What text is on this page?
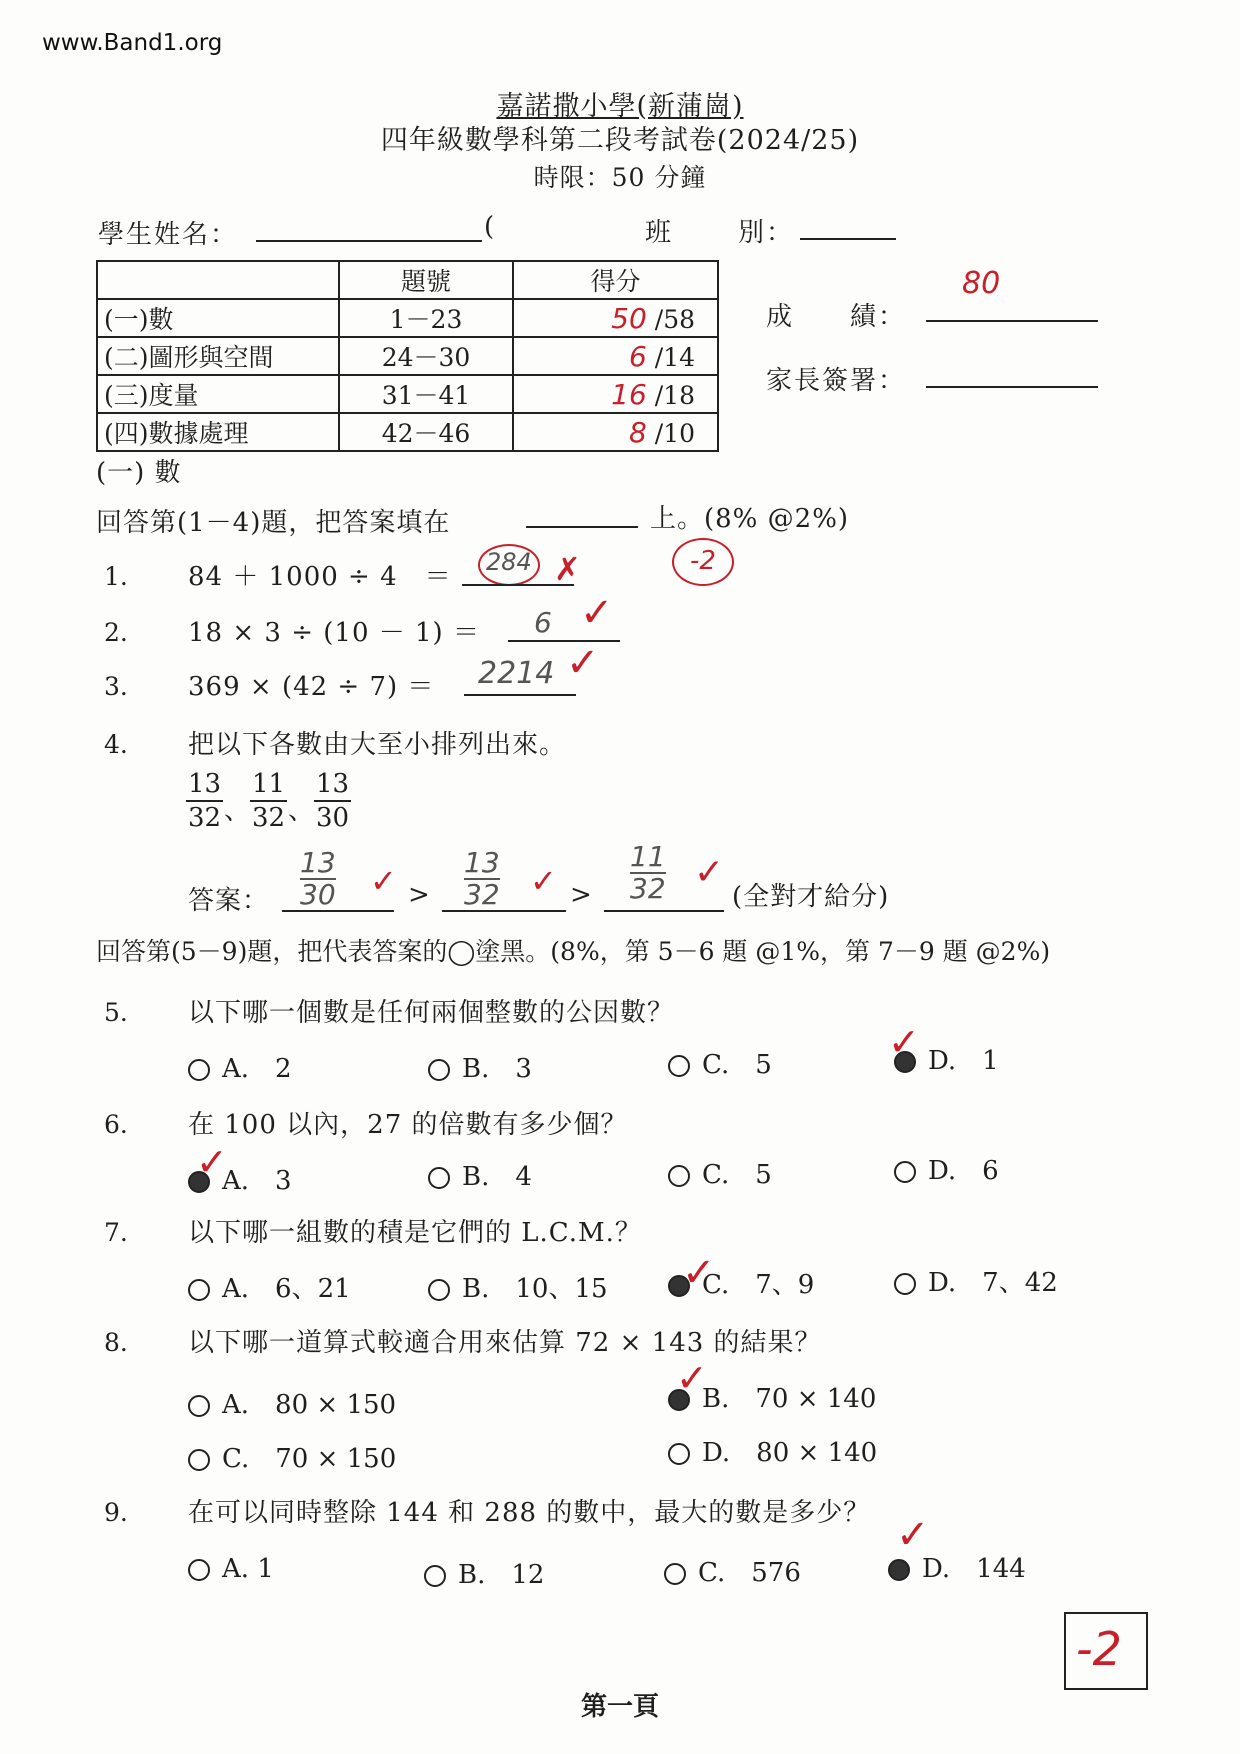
www.Band1.org
嘉諾撒小學(新蒲崗)
四年級數學科第二段考試卷(2024/25)
時限：50 分鐘
學生姓名：	(	班 別：
	題號	得分
(一)數	1－23	50 /58
(二)圖形與空間	24－30	6 /14
(三)度量	31－41	16 /18
(四)數據處理	42－46	8 /10
成　　績：
80
家長簽署：
(一) 數
回答第(1－4)題，把答案填在	上。(8% @2%)
-2
1. 84 ＋ 1000 ÷ 4　＝ 284 ✗
2. 18 × 3 ÷ (10 － 1) ＝ 6 ✓
3. 369 × (42 ÷ 7) ＝ 2214 ✓
4. 把以下各數由大至小排列出來。
$\frac{13}{32}$ 、
$\frac{11}{32}$ 、
$\frac{13}{30}$
答案： $\frac{13}{30}$ ✓ > $\frac{13}{32}$ ✓ > $\frac{11}{32}$ ✓
(全對才給分)
回答第(5－9)題，把代表答案的◯塗黑。(8%，第 5－6 題 @1%，第 7－9 題 @2%)
5. 以下哪一個數是任何兩個整數的公因數？
A.　2	B.　3	C.　5	D.　1
✓
6. 在 100 以內，27 的倍數有多少個？
A.　3	B.　4	C.　5	D.　6
✓
7. 以下哪一組數的積是它們的 L.C.M.？
A.　6、21	B.　10、15	C.　7、9	D.　7、42
✓
8. 以下哪一道算式較適合用來估算 72 × 143 的結果？
A.　80 × 150	B.　70 × 140
C.　70 × 150	D.　80 × 140
✓
9. 在可以同時整除 144 和 288 的數中，最大的數是多少？
A. 1	B.　12	C.　576	D.　144
✓
-2
第一頁
